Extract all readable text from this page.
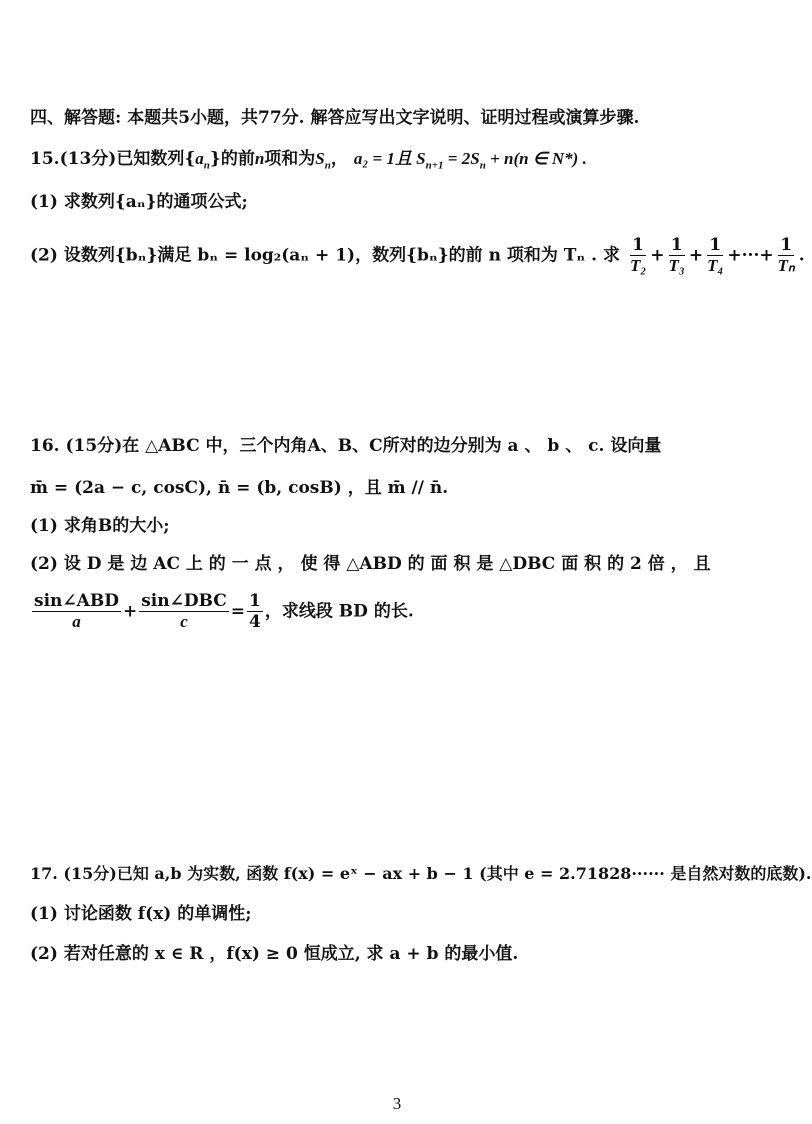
四、解答题: 本题共5小题，共77分. 解答应写出文字说明、证明过程或演算步骤.
15.(13分)已知数列$\{a_n\}$的前n项和为$S_n$， a₂ = 1且 $S_{n+1} = 2S_n + n(n$ ∈ N*) .
(1) 求数列{aₙ}的通项公式;
(2) 设数列{bₙ}满足 bₙ = log₂(aₙ + 1)，数列{bₙ}的前 n 项和为 Tₙ . 求 $\frac{1}{\text{T₂}} + \frac{1}{\text{T₃}} + \frac{1}{\text{T₄}}$ +···+ $\frac{1}{\text{Tₙ}}$ .
16. (15分)在 △ABC 中，三个内角A、B、C所对的边分别为 a 、 b 、 c. 设向量
m̄ = (2a − c, cosC), n̄ = (b, cosB) ，且 m̄ // n̄.
(1) 求角B的大小;
(2) 设 D 是 边 AC 上 的 一 点 ， 使 得 △ABD 的 面 积 是 △DBC 面 积 的 2 倍 ， 且
$\frac{\text{sin∠ABD}}{a} + \frac{\text{sin∠DBC}}{c} = \frac{1}{4}$ ，求线段 BD 的长.
17. (15分)已知 a,b 为实数, 函数 f(x) = eˣ − ax + b − 1 (其中 e = 2.71828······ 是自然对数的底数).
(1) 讨论函数 f(x) 的单调性;
(2) 若对任意的 x ∈ R ，f(x) ≥ 0 恒成立, 求 a + b 的最小值.
3
